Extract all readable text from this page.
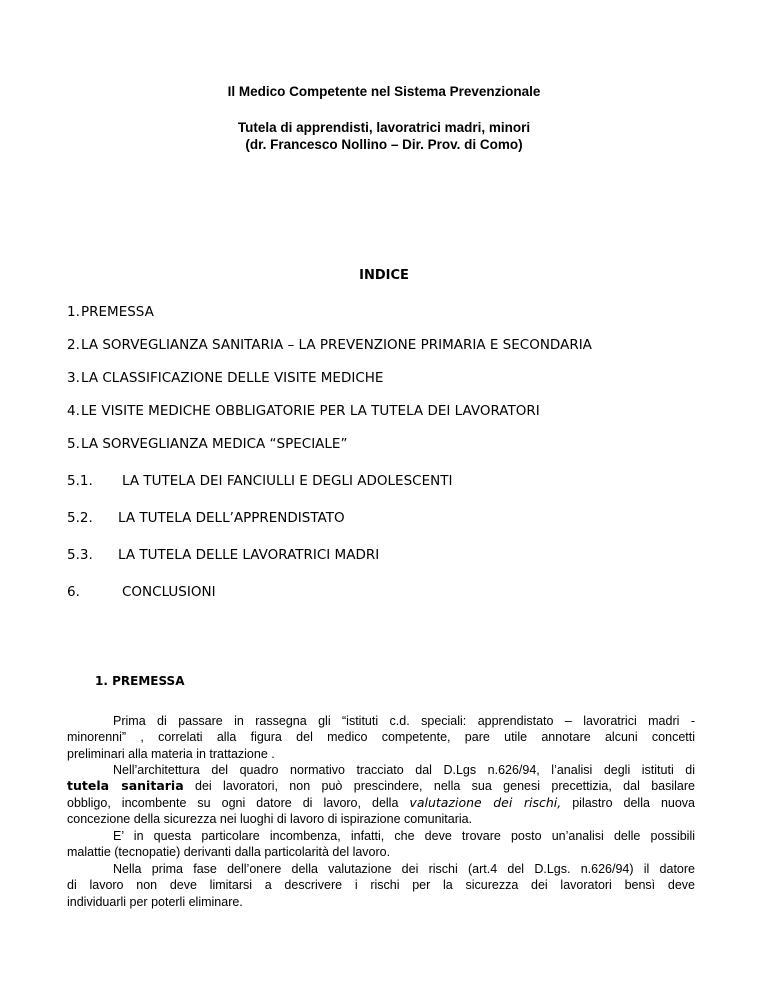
Il Medico Competente nel Sistema Prevenzionale
Tutela di apprendisti, lavoratrici madri, minori
(dr. Francesco Nollino – Dir. Prov. di Como)
INDICE
1. PREMESSA
2. LA SORVEGLIANZA SANITARIA – LA PREVENZIONE PRIMARIA E SECONDARIA
3. LA CLASSIFICAZIONE DELLE VISITE MEDICHE
4. LE VISITE MEDICHE OBBLIGATORIE PER LA TUTELA DEI LAVORATORI
5. LA SORVEGLIANZA MEDICA “SPECIALE”
5.1. LA TUTELA DEI FANCIULLI E DEGLI ADOLESCENTI
5.2. LA TUTELA DELL’APPRENDISTATO
5.3. LA TUTELA DELLE LAVORATRICI MADRI
6.	CONCLUSIONI
1. PREMESSA
Prima di passare in rassegna gli “istituti c.d. speciali: apprendistato – lavoratrici madri -
minorenni” , correlati alla figura del medico competente, pare utile annotare alcuni concetti
preliminari alla materia in trattazione .
Nell’architettura del quadro normativo tracciato dal D.Lgs n.626/94, l’analisi degli istituti di
tutela sanitaria dei lavoratori, non può prescindere, nella sua genesi precettizia, dal basilare
obbligo, incombente su ogni datore di lavoro, della valutazione dei rischi, pilastro della nuova
concezione della sicurezza nei luoghi di lavoro di ispirazione comunitaria.
E’ in questa particolare incombenza, infatti, che deve trovare posto un’analisi delle possibili
malattie (tecnopatie) derivanti dalla particolarità del lavoro.
Nella prima fase dell’onere della valutazione dei rischi (art.4 del D.Lgs. n.626/94) il datore
di lavoro non deve limitarsi a descrivere i rischi per la sicurezza dei lavoratori bensì deve
individuarli per poterli eliminare.
